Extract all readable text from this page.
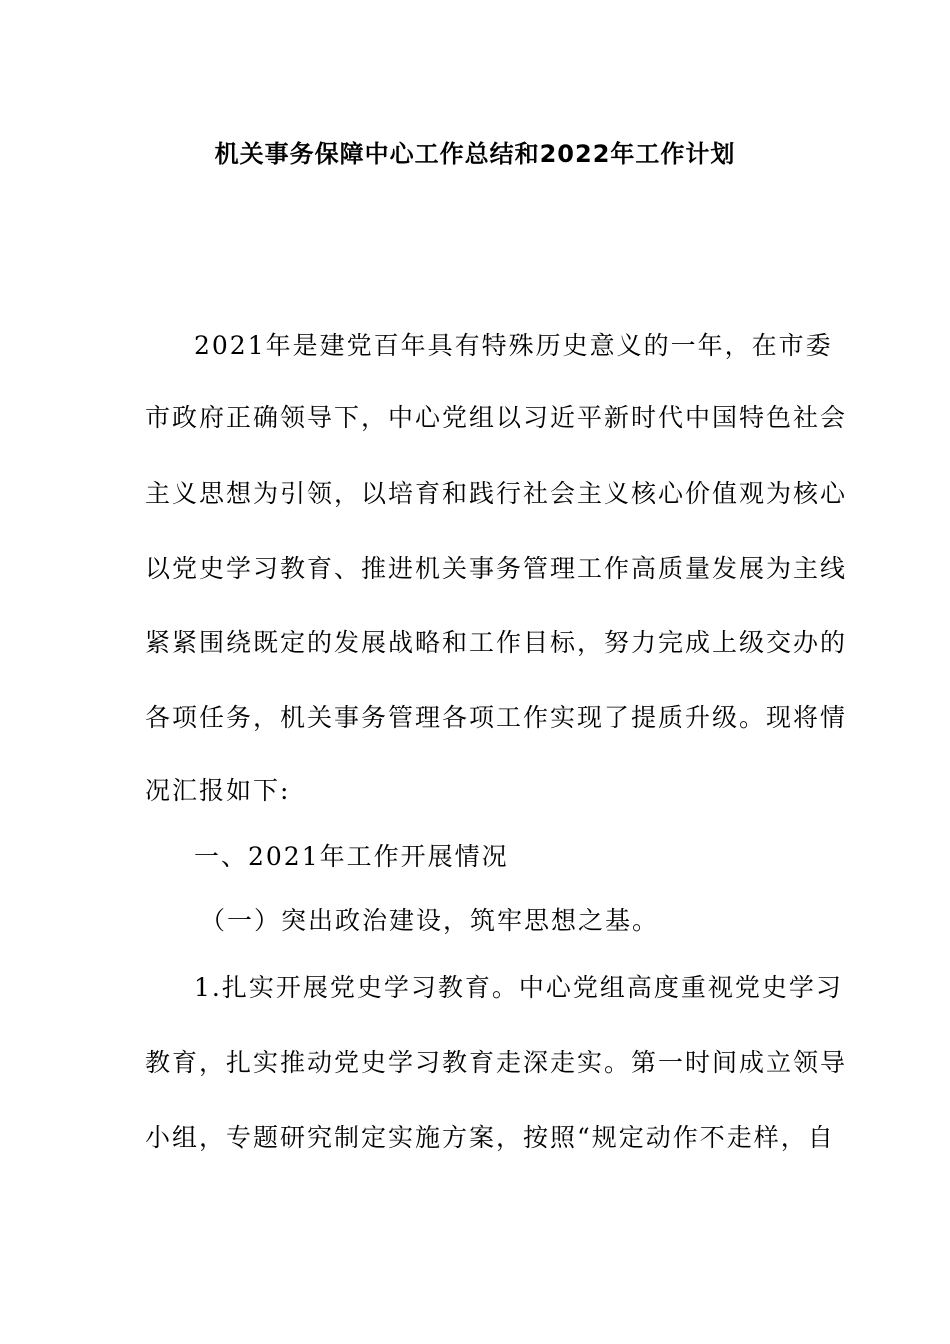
机关事务保障中心工作总结和2022年工作计划
2021年是建党百年具有特殊历史意义的一年，在市委
市政府正确领导下，中心党组以习近平新时代中国特色社会
主义思想为引领，以培育和践行社会主义核心价值观为核心
以党史学习教育、推进机关事务管理工作高质量发展为主线
紧紧围绕既定的发展战略和工作目标，努力完成上级交办的
各项任务，机关事务管理各项工作实现了提质升级。现将情
况汇报如下:
一、2021年工作开展情况
（一）突出政治建设，筑牢思想之基。
1.扎实开展党史学习教育。中心党组高度重视党史学习
教育，扎实推动党史学习教育走深走实。第一时间成立领导
小组，专题研究制定实施方案，按照“规定动作不走样，自
